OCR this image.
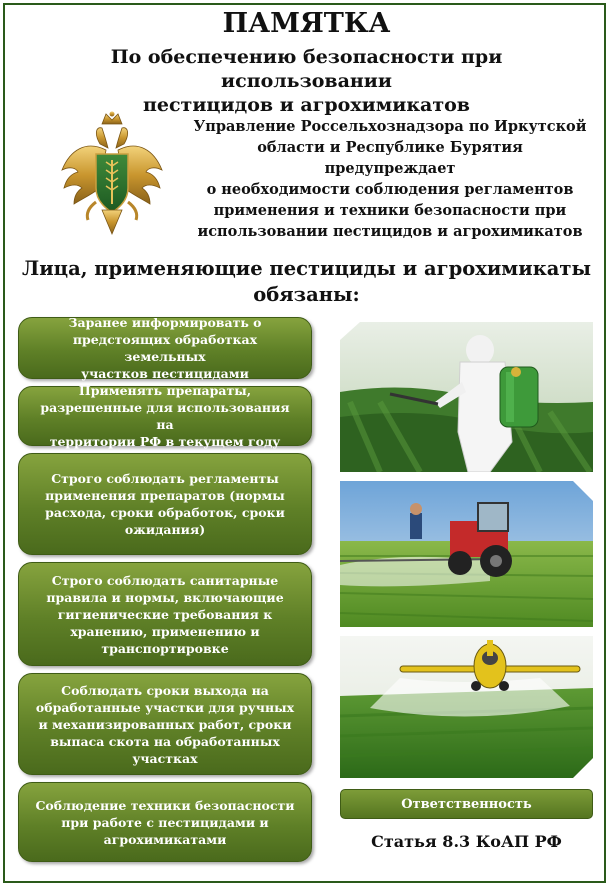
ПАМЯТКА
По обеспечению безопасности при использовании
пестицидов и агрохимикатов
Управление Россельхознадзора по Иркутской
области и Республике Бурятия предупреждает
о необходимости соблюдения регламентов
применения и техники безопасности при
использовании пестицидов и агрохимикатов
Лица, применяющие пестициды и агрохимикаты
обязаны:
Заранее информировать о
предстоящих обработках земельных
участков пестицидами
Применять препараты,
разрешенные для использования на
территории РФ в текущем году
Строго соблюдать регламенты
применения препаратов (нормы
расхода, сроки обработок, сроки
ожидания)
Строго соблюдать санитарные
правила и нормы, включающие
гигиенические требования к
хранению, применению и
транспортировке
Соблюдать сроки выхода на
обработанные участки для ручных
и механизированных работ, сроки
выпаса скота на обработанных
участках
Соблюдение техники безопасности
при работе с пестицидами и
агрохимикатами
Ответственность
Статья 8.3 КоАП РФ
